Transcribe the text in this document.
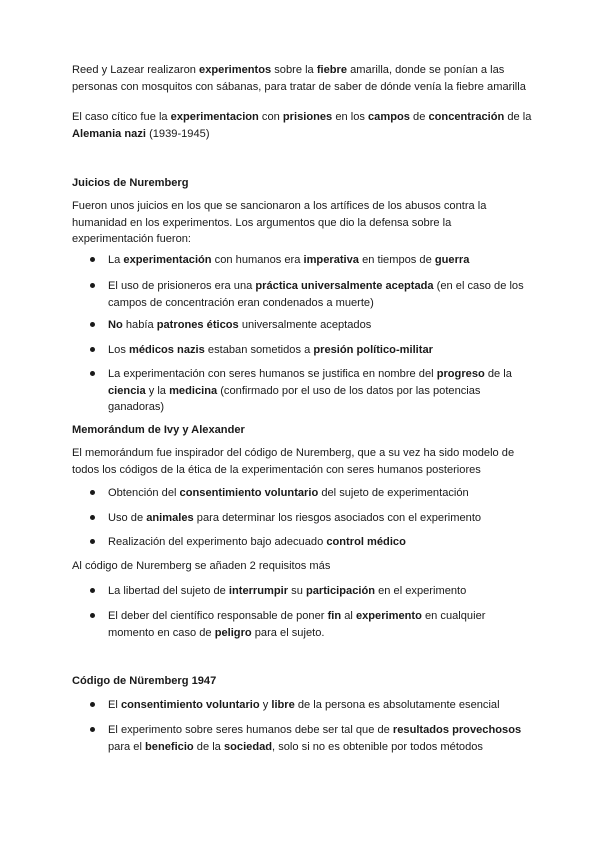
Reed y Lazear realizaron experimentos sobre la fiebre amarilla, donde se ponían a las personas con mosquitos con sábanas, para tratar de saber de dónde venía la fiebre amarilla

El caso cítico fue la experimentacion con prisiones en los campos de concentración de la Alemania nazi (1939-1945)

Juicios de Nuremberg

Fueron unos juicios en los que se sancionaron a los artífices de los abusos contra la humanidad en los experimentos. Los argumentos que dio la defensa sobre la experimentación fueron:

La experimentación con humanos era imperativa en tiempos de guerra
El uso de prisioneros era una práctica universalmente aceptada (en el caso de los campos de concentración eran condenados a muerte)
No había patrones éticos universalmente aceptados
Los médicos nazis estaban sometidos a presión político-militar
La experimentación con seres humanos se justifica en nombre del progreso de la ciencia y la medicina (confirmado por el uso de los datos por las potencias ganadoras)
Memorándum de Ivy y Alexander

El memorándum fue inspirador del código de Nuremberg, que a su vez ha sido modelo de todos los códigos de la ética de la experimentación con seres humanos posteriores

Obtención del consentimiento voluntario del sujeto de experimentación
Uso de animales para determinar los riesgos asociados con el experimento
Realización del experimento bajo adecuado control médico

Al código de Nuremberg se añaden 2 requisitos más

La libertad del sujeto de interrumpir su participación en el experimento
El deber del científico responsable de poner fin al experimento en cualquier momento en caso de peligro para el sujeto.
Código de Nüremberg 1947
El consentimiento voluntario y libre de la persona es absolutamente esencial
El experimento sobre seres humanos debe ser tal que de resultados provechosos para el beneficio de la sociedad, solo si no es obtenible por todos métodos
